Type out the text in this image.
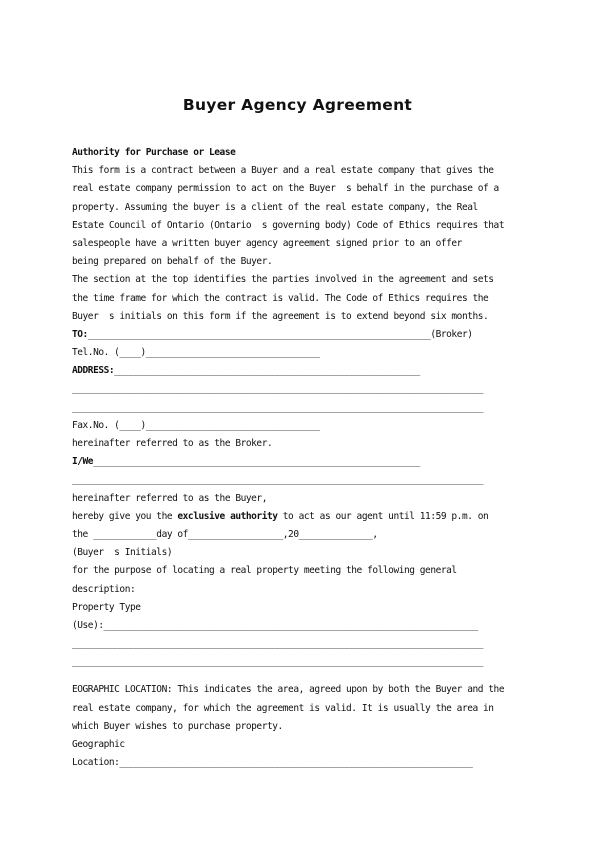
Buyer Agency Agreement
Authority for Purchase or Lease
This form is a contract between a Buyer and a real estate company that gives the
real estate company permission to act on the Buyer  s behalf in the purchase of a
property. Assuming the buyer is a client of the real estate company, the Real
Estate Council of Ontario (Ontario  s governing body) Code of Ethics requires that
salespeople have a written buyer agency agreement signed prior to an offer
being prepared on behalf of the Buyer.
The section at the top identifies the parties involved in the agreement and sets
the time frame for which the contract is valid. The Code of Ethics requires the
Buyer  s initials on this form if the agreement is to extend beyond six months.
TO:_________________________________________________________________(Broker)
Tel.No. (____)_________________________________
ADDRESS:__________________________________________________________
______________________________________________________________________________
______________________________________________________________________________
Fax.No. (____)_________________________________
hereinafter referred to as the Broker.
I/We______________________________________________________________
______________________________________________________________________________
hereinafter referred to as the Buyer,
hereby give you the exclusive authority to act as our agent until 11:59 p.m. on
the ____________day of__________________,20______________,
(Buyer  s Initials)
for the purpose of locating a real property meeting the following general
description:
Property Type
(Use):_______________________________________________________________________
______________________________________________________________________________
______________________________________________________________________________
EOGRAPHIC LOCATION: This indicates the area, agreed upon by both the Buyer and the
real estate company, for which the agreement is valid. It is usually the area in
which Buyer wishes to purchase property.
Geographic
Location:___________________________________________________________________
